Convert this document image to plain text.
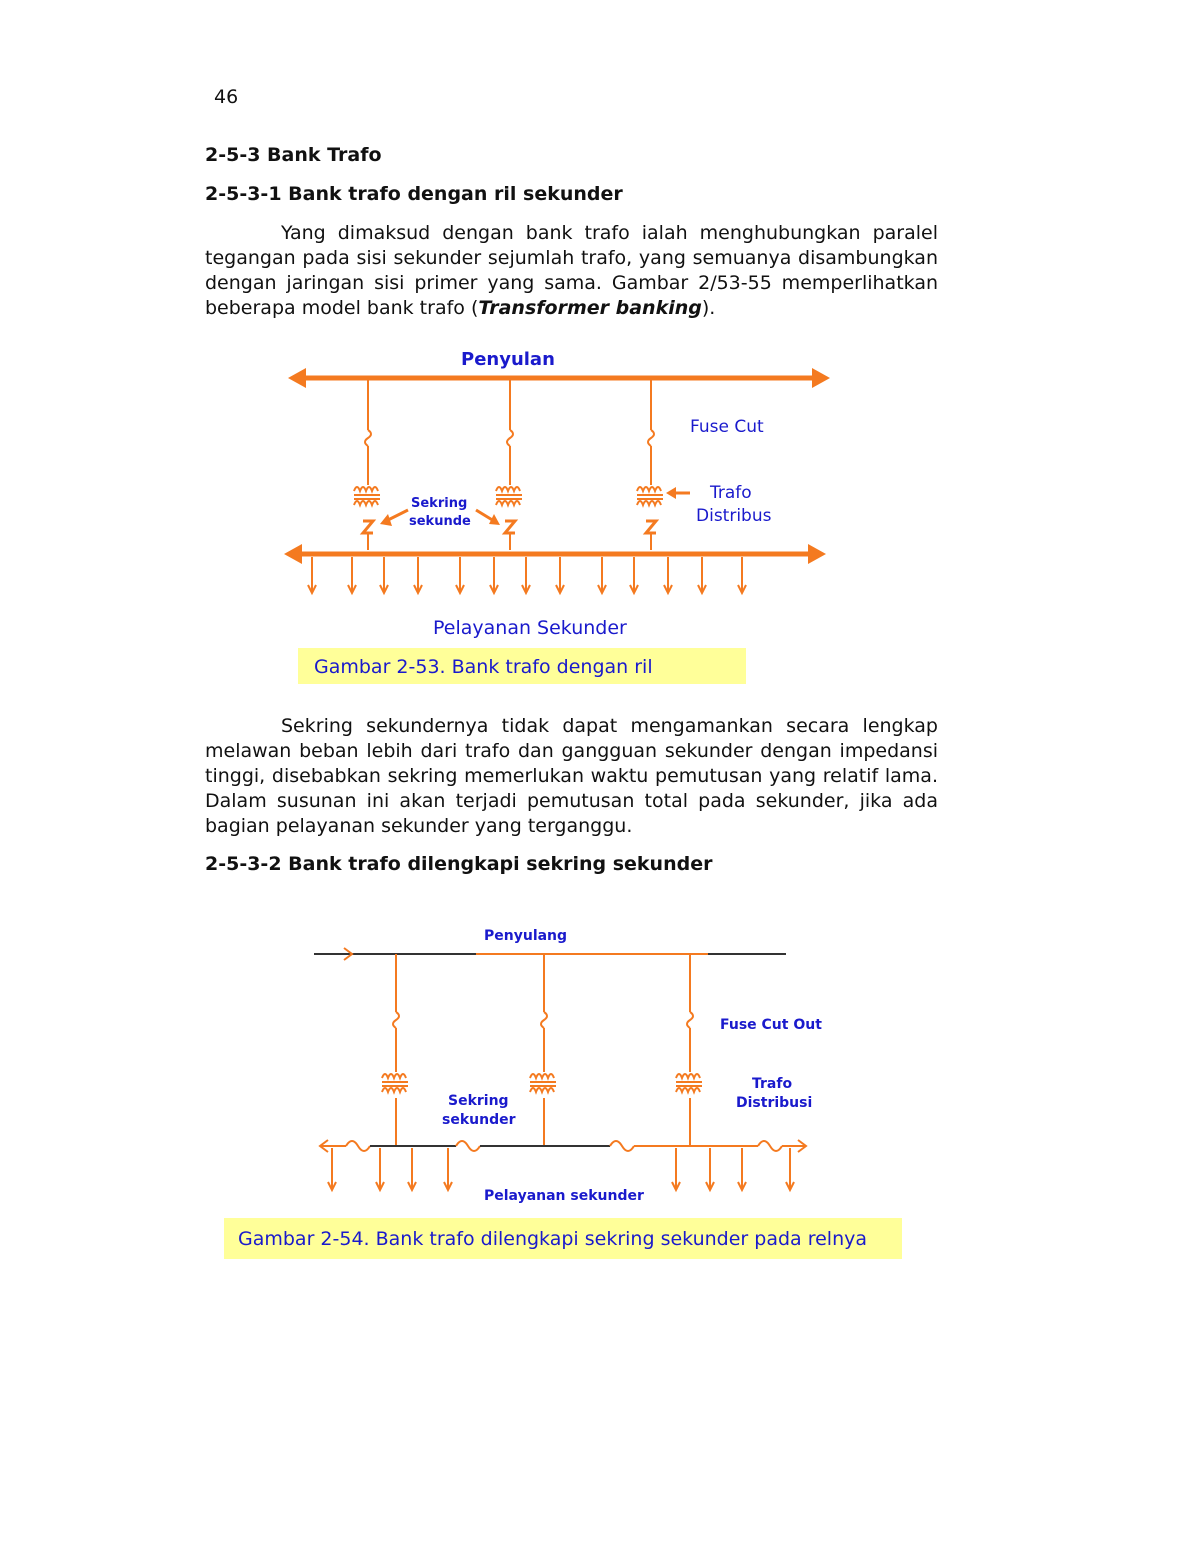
46
2-5-3 Bank Trafo
2-5-3-1 Bank trafo dengan ril sekunder

Yang dimaksud dengan bank trafo ialah menghubungkan paralel tegangan pada sisi sekunder sejumlah trafo, yang semuanya disambungkan dengan jaringan sisi primer yang sama. Gambar 2/53-55 memperlihatkan beberapa model bank trafo (Transformer banking).

Penyulan
Fuse Cut
Trafo
Distribus
Sekring
sekunde
Pelayanan Sekunder
Gambar 2-53. Bank trafo dengan ril

Sekring sekundernya tidak dapat mengamankan secara lengkap melawan beban lebih dari trafo dan gangguan sekunder dengan impedansi tinggi, disebabkan sekring memerlukan waktu pemutusan yang relatif lama. Dalam susunan ini akan terjadi pemutusan total pada sekunder, jika ada bagian pelayanan sekunder yang terganggu.

2-5-3-2 Bank trafo dilengkapi sekring sekunder
Penyulang
Fuse Cut Out
Trafo
Distribusi
Sekring
sekunder
Pelayanan sekunder
Gambar 2-54. Bank trafo dilengkapi sekring sekunder pada relnya
